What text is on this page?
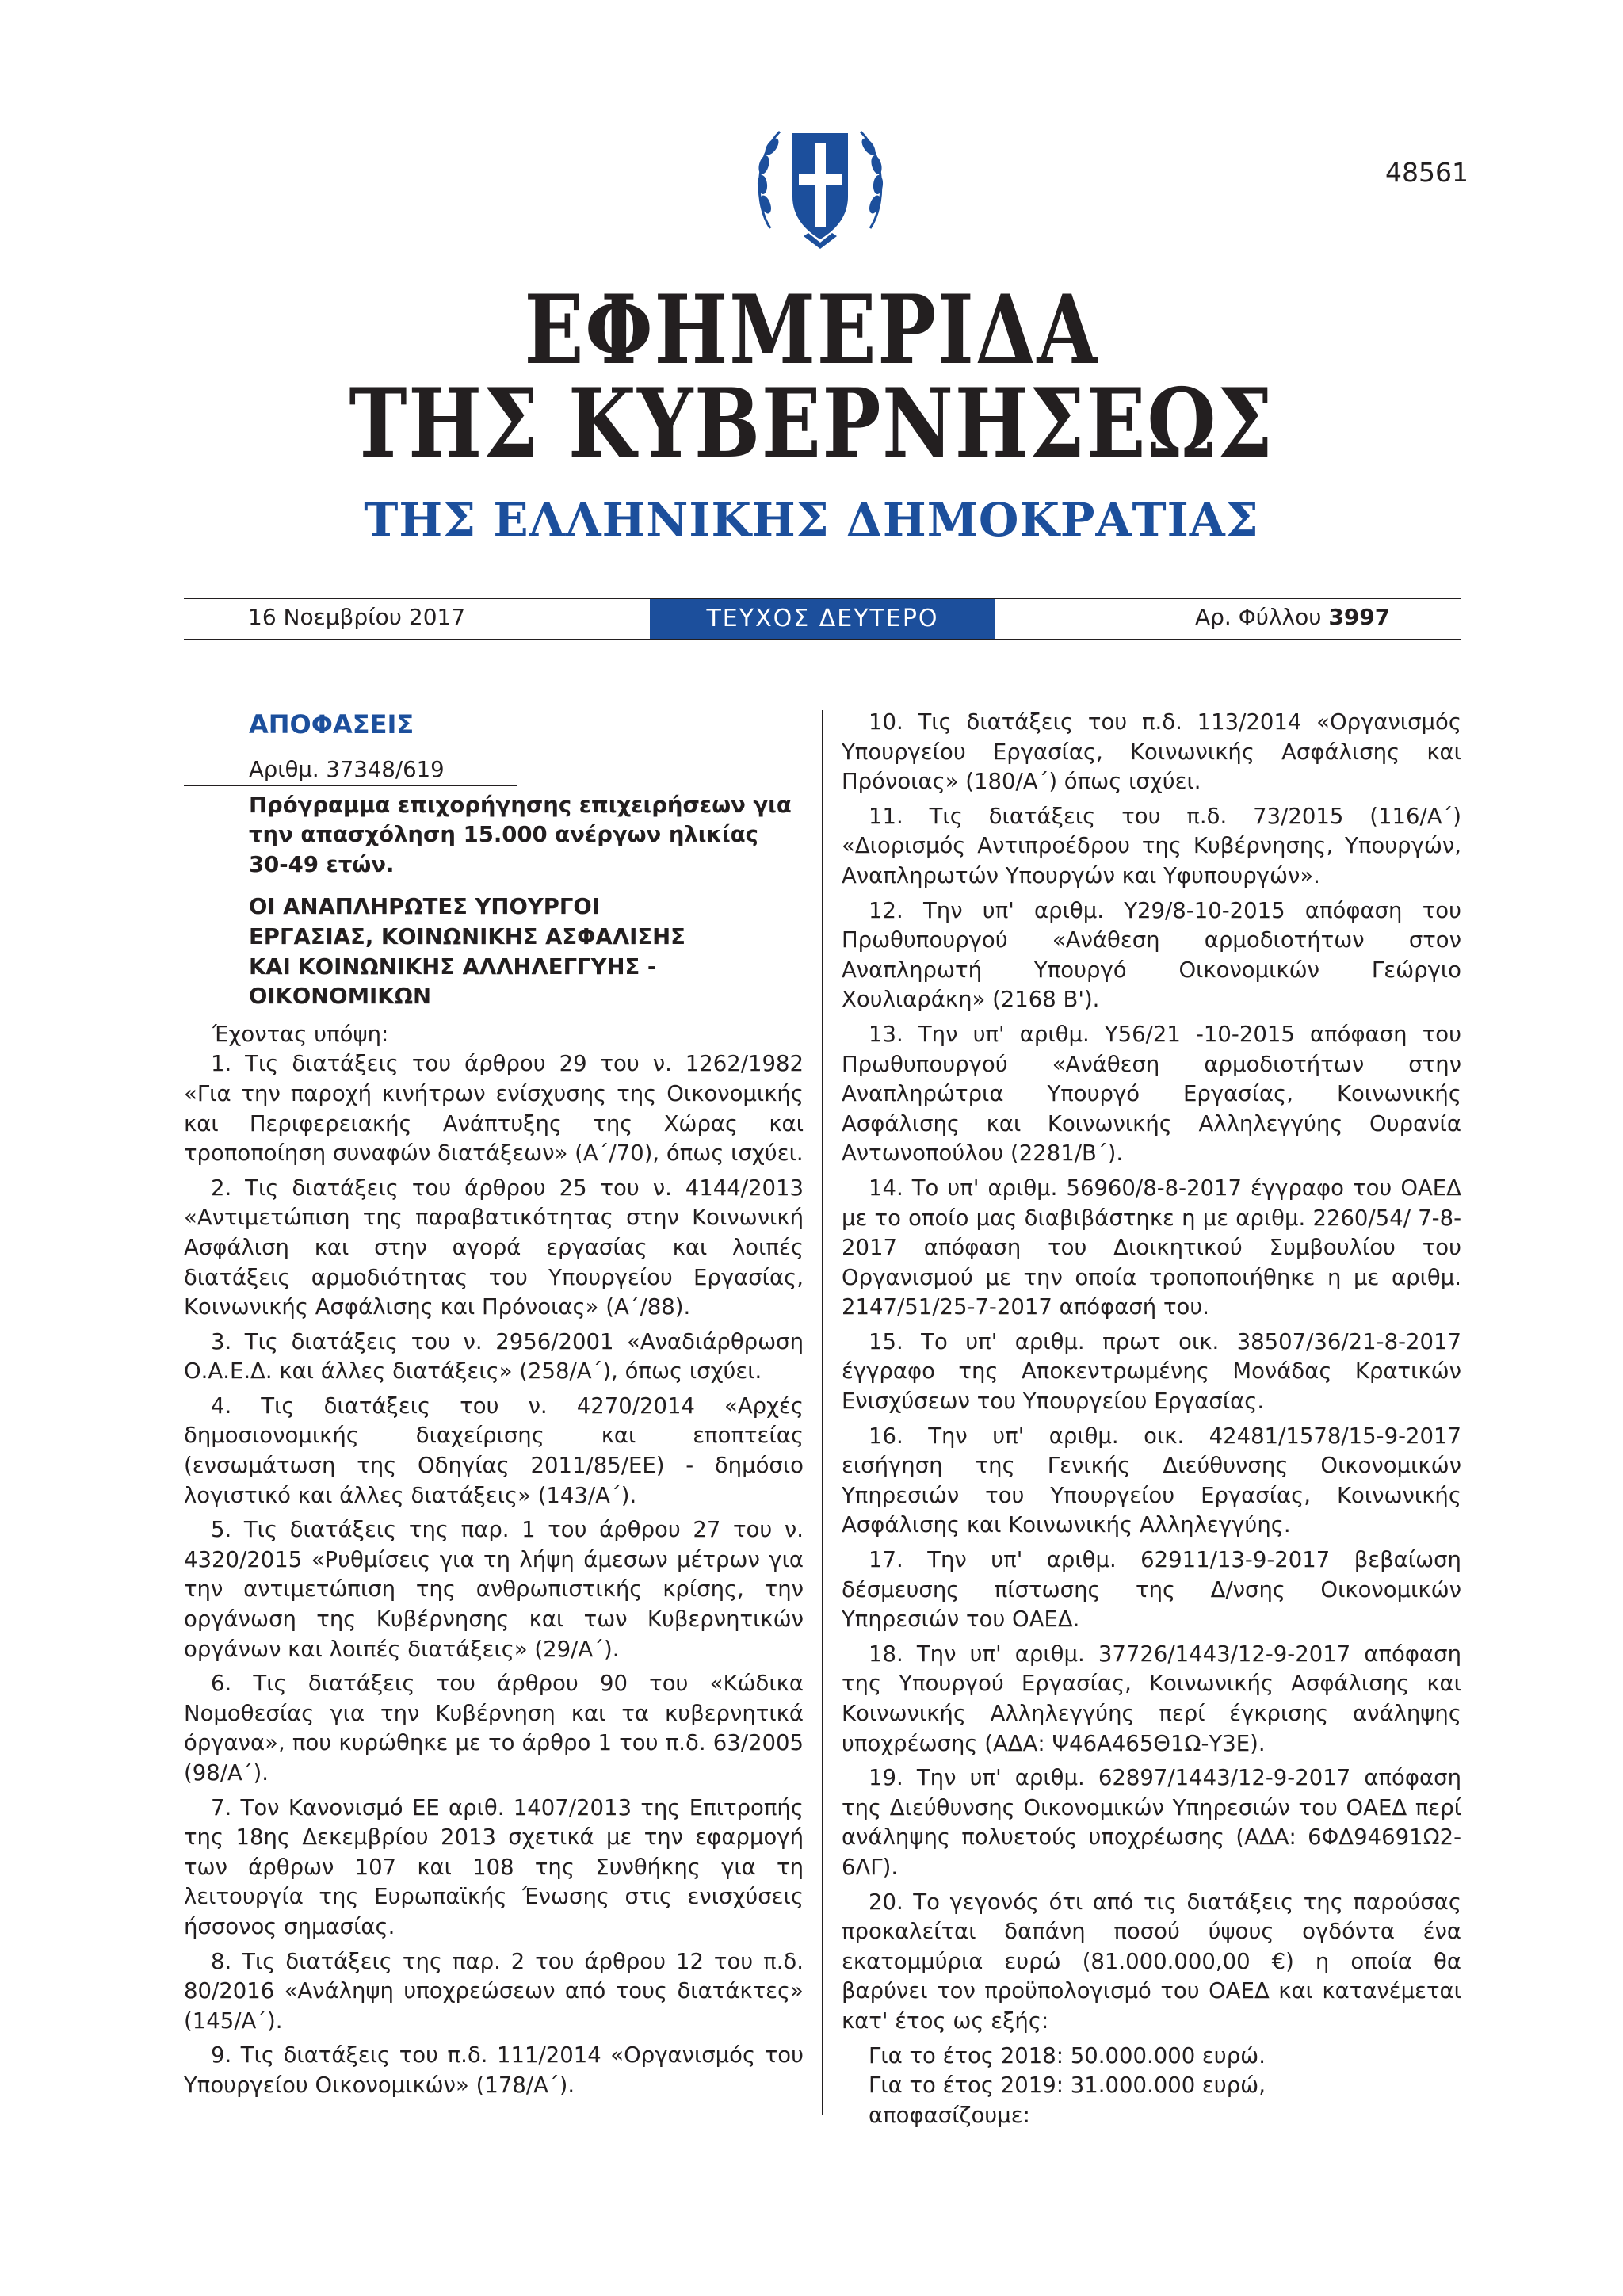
48561
ΕΦΗΜΕΡΙΔΑ
ΤΗΣ ΚΥΒΕΡΝΗΣΕΩΣ
ΤΗΣ ΕΛΛΗΝΙΚΗΣ ΔΗΜΟΚΡΑΤΙΑΣ
16 Νοεμβρίου 2017	ΤΕΥΧΟΣ ΔΕΥΤΕΡΟ	Αρ. Φύλλου 3997
ΑΠΟΦΑΣΕΙΣ
Αριθμ. 37348/619
Πρόγραμμα επιχορήγησης επιχειρήσεων για την απασχόληση 15.000 ανέργων ηλικίας 30-49 ετών.
ΟΙ ΑΝΑΠΛΗΡΩΤΕΣ ΥΠΟΥΡΓΟΙ
ΕΡΓΑΣΙΑΣ, ΚΟΙΝΩΝΙΚΗΣ ΑΣΦΑΛΙΣΗΣ
ΚΑΙ ΚΟΙΝΩΝΙΚΗΣ ΑΛΛΗΛΕΓΓΥΗΣ -
ΟΙΚΟΝΟΜΙΚΩΝ
Έχοντας υπόψη:

1. Τις διατάξεις του άρθρου 29 του ν. 1262/1982 «Για την παροχή κινήτρων ενίσχυσης της Οικονομικής και Περιφερειακής Ανάπτυξης της Χώρας και τροποποίηση συναφών διατάξεων» (Α΄/70), όπως ισχύει.

2. Τις διατάξεις του άρθρου 25 του ν. 4144/2013 «Αντιμετώπιση της παραβατικότητας στην Κοινωνική Ασφάλιση και στην αγορά εργασίας και λοιπές διατάξεις αρμοδιότητας του Υπουργείου Εργασίας, Κοινωνικής Ασφάλισης και Πρόνοιας» (Α΄/88).

3. Τις διατάξεις του ν. 2956/2001 «Αναδιάρθρωση Ο.Α.Ε.Δ. και άλλες διατάξεις» (258/Α΄), όπως ισχύει.

4. Τις διατάξεις του ν. 4270/2014 «Αρχές δημοσιονομικής διαχείρισης και εποπτείας (ενσωμάτωση της Οδηγίας 2011/85/ΕΕ) - δημόσιο λογιστικό και άλλες διατάξεις» (143/Α΄).

5. Τις διατάξεις της παρ. 1 του άρθρου 27 του ν. 4320/2015 «Ρυθμίσεις για τη λήψη άμεσων μέτρων για την αντιμετώπιση της ανθρωπιστικής κρίσης, την οργάνωση της Κυβέρνησης και των Κυβερνητικών οργάνων και λοιπές διατάξεις» (29/Α΄).

6. Τις διατάξεις του άρθρου 90 του «Κώδικα Νομοθεσίας για την Κυβέρνηση και τα κυβερνητικά όργανα», που κυρώθηκε με το άρθρο 1 του π.δ. 63/2005 (98/Α΄).

7. Τον Κανονισμό ΕΕ αριθ. 1407/2013 της Επιτροπής της 18ης Δεκεμβρίου 2013 σχετικά με την εφαρμογή των άρθρων 107 και 108 της Συνθήκης για τη λειτουργία της Ευρωπαϊκής Ένωσης στις ενισχύσεις ήσσονος σημασίας.

8. Τις διατάξεις της παρ. 2 του άρθρου 12 του π.δ. 80/2016 «Ανάληψη υποχρεώσεων από τους διατάκτες» (145/Α΄).

9. Τις διατάξεις του π.δ. 111/2014 «Οργανισμός του Υπουργείου Οικονομικών» (178/Α΄).

10. Τις διατάξεις του π.δ. 113/2014 «Οργανισμός Υπουργείου Εργασίας, Κοινωνικής Ασφάλισης και Πρόνοιας» (180/Α΄) όπως ισχύει.

11. Τις διατάξεις του π.δ. 73/2015 (116/Α΄) «Διορισμός Αντιπροέδρου της Κυβέρνησης, Υπουργών, Αναπληρωτών Υπουργών και Υφυπουργών».

12. Την υπ' αριθμ. Υ29/8-10-2015 απόφαση του Πρωθυπουργού «Ανάθεση αρμοδιοτήτων στον Αναπληρωτή Υπουργό Οικονομικών Γεώργιο Χουλιαράκη» (2168 Β').

13. Την υπ' αριθμ. Υ56/21 -10-2015 απόφαση του Πρωθυπουργού «Ανάθεση αρμοδιοτήτων στην Αναπληρώτρια Υπουργό Εργασίας, Κοινωνικής Ασφάλισης και Κοινωνικής Αλληλεγγύης Ουρανία Αντωνοπούλου (2281/Β΄).

14. Το υπ' αριθμ. 56960/8-8-2017 έγγραφο του ΟΑΕΔ με το οποίο μας διαβιβάστηκε η με αριθμ. 2260/54/ 7-8-2017 απόφαση του Διοικητικού Συμβουλίου του Οργανισμού με την οποία τροποποιήθηκε η με αριθμ. 2147/51/25-7-2017 απόφασή του.

15. Το υπ' αριθμ. πρωτ οικ. 38507/36/21-8-2017 έγγραφο της Αποκεντρωμένης Μονάδας Κρατικών Ενισχύσεων του Υπουργείου Εργασίας.

16. Την υπ' αριθμ. οικ. 42481/1578/15-9-2017 εισήγηση της Γενικής Διεύθυνσης Οικονομικών Υπηρεσιών του Υπουργείου Εργασίας, Κοινωνικής Ασφάλισης και Κοινωνικής Αλληλεγγύης.

17. Την υπ' αριθμ. 62911/13-9-2017 βεβαίωση δέσμευσης πίστωσης της Δ/νσης Οικονομικών Υπηρεσιών του ΟΑΕΔ.

18. Την υπ' αριθμ. 37726/1443/12-9-2017 απόφαση της Υπουργού Εργασίας, Κοινωνικής Ασφάλισης και Κοινωνικής Αλληλεγγύης περί έγκρισης ανάληψης υποχρέωσης (ΑΔΑ: Ψ46Α465Θ1Ω-Υ3Ε).

19. Την υπ' αριθμ. 62897/1443/12-9-2017 απόφαση της Διεύθυνσης Οικονομικών Υπηρεσιών του ΟΑΕΔ περί ανάληψης πολυετούς υποχρέωσης (ΑΔΑ: 6ΦΔ94691Ω2-6ΛΓ).

20. Το γεγονός ότι από τις διατάξεις της παρούσας προκαλείται δαπάνη ποσού ύψους ογδόντα ένα εκατομμύρια ευρώ (81.000.000,00 €) η οποία θα βαρύνει τον προϋπολογισμό του ΟΑΕΔ και κατανέμεται κατ' έτος ως εξής:

Για το έτος 2018: 50.000.000 ευρώ.
Για το έτος 2019: 31.000.000 ευρώ,
αποφασίζουμε:
